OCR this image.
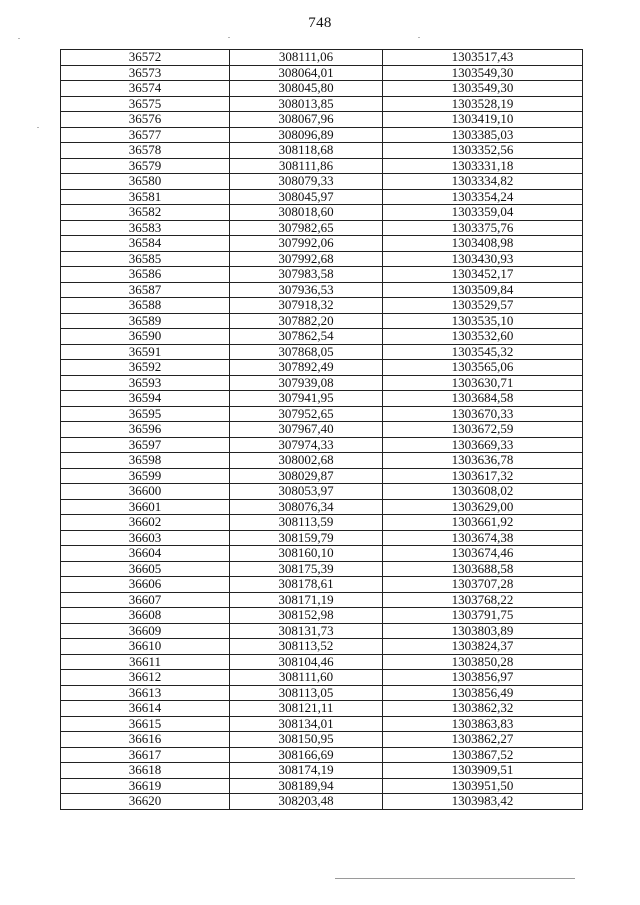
748
36572	308111,06	1303517,43
36573	308064,01	1303549,30
36574	308045,80	1303549,30
36575	308013,85	1303528,19
36576	308067,96	1303419,10
36577	308096,89	1303385,03
36578	308118,68	1303352,56
36579	308111,86	1303331,18
36580	308079,33	1303334,82
36581	308045,97	1303354,24
36582	308018,60	1303359,04
36583	307982,65	1303375,76
36584	307992,06	1303408,98
36585	307992,68	1303430,93
36586	307983,58	1303452,17
36587	307936,53	1303509,84
36588	307918,32	1303529,57
36589	307882,20	1303535,10
36590	307862,54	1303532,60
36591	307868,05	1303545,32
36592	307892,49	1303565,06
36593	307939,08	1303630,71
36594	307941,95	1303684,58
36595	307952,65	1303670,33
36596	307967,40	1303672,59
36597	307974,33	1303669,33
36598	308002,68	1303636,78
36599	308029,87	1303617,32
36600	308053,97	1303608,02
36601	308076,34	1303629,00
36602	308113,59	1303661,92
36603	308159,79	1303674,38
36604	308160,10	1303674,46
36605	308175,39	1303688,58
36606	308178,61	1303707,28
36607	308171,19	1303768,22
36608	308152,98	1303791,75
36609	308131,73	1303803,89
36610	308113,52	1303824,37
36611	308104,46	1303850,28
36612	308111,60	1303856,97
36613	308113,05	1303856,49
36614	308121,11	1303862,32
36615	308134,01	1303863,83
36616	308150,95	1303862,27
36617	308166,69	1303867,52
36618	308174,19	1303909,51
36619	308189,94	1303951,50
36620	308203,48	1303983,42
